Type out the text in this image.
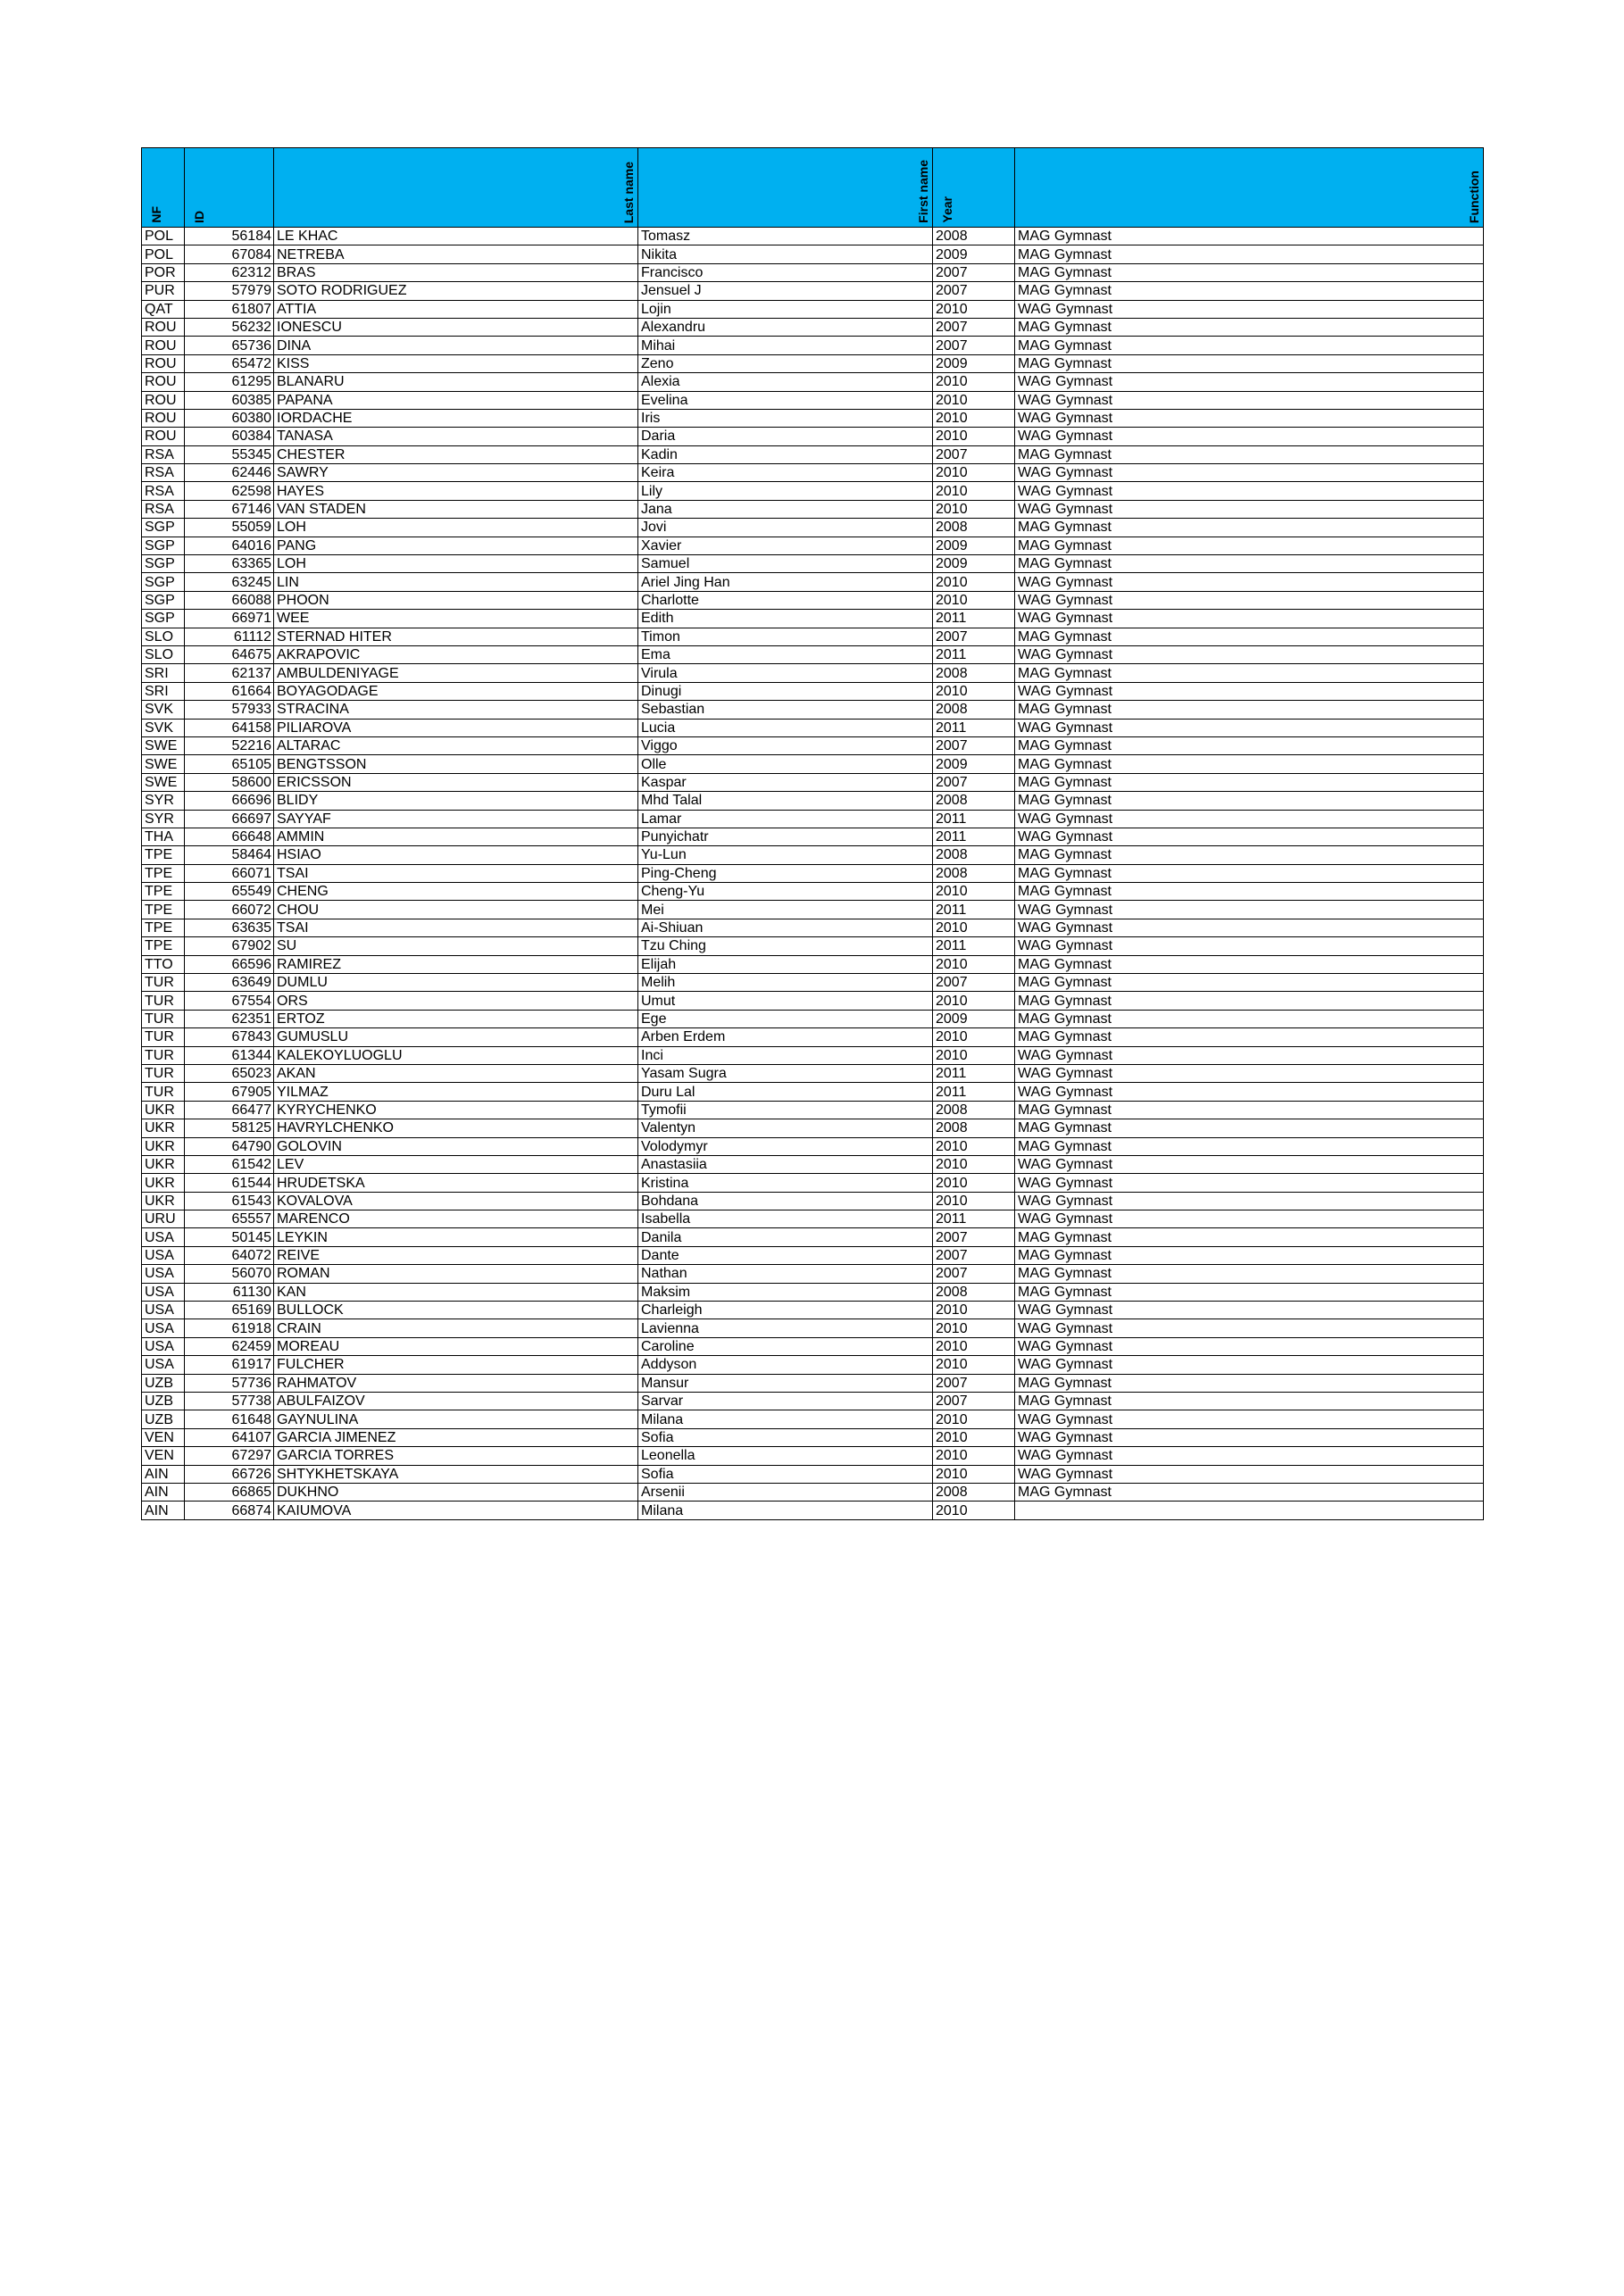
NF	ID	Last name	First name	Year	Function

POL	56184	LE KHAC	Tomasz	2008	MAG Gymnast
POL	67084	NETREBA	Nikita	2009	MAG Gymnast
POR	62312	BRAS	Francisco	2007	MAG Gymnast
PUR	57979	SOTO RODRIGUEZ	Jensuel J	2007	MAG Gymnast
QAT	61807	ATTIA	Lojin	2010	WAG Gymnast
ROU	56232	IONESCU	Alexandru	2007	MAG Gymnast
ROU	65736	DINA	Mihai	2007	MAG Gymnast
ROU	65472	KISS	Zeno	2009	MAG Gymnast
ROU	61295	BLANARU	Alexia	2010	WAG Gymnast
ROU	60385	PAPANA	Evelina	2010	WAG Gymnast
ROU	60380	IORDACHE	Iris	2010	WAG Gymnast
ROU	60384	TANASA	Daria	2010	WAG Gymnast
RSA	55345	CHESTER	Kadin	2007	MAG Gymnast
RSA	62446	SAWRY	Keira	2010	WAG Gymnast
RSA	62598	HAYES	Lily	2010	WAG Gymnast
RSA	67146	VAN STADEN	Jana	2010	WAG Gymnast
SGP	55059	LOH	Jovi	2008	MAG Gymnast
SGP	64016	PANG	Xavier	2009	MAG Gymnast
SGP	63365	LOH	Samuel	2009	MAG Gymnast
SGP	63245	LIN	Ariel Jing Han	2010	WAG Gymnast
SGP	66088	PHOON	Charlotte	2010	WAG Gymnast
SGP	66971	WEE	Edith	2011	WAG Gymnast
SLO	61112	STERNAD HITER	Timon	2007	MAG Gymnast
SLO	64675	AKRAPOVIC	Ema	2011	WAG Gymnast
SRI	62137	AMBULDENIYAGE	Virula	2008	MAG Gymnast
SRI	61664	BOYAGODAGE	Dinugi	2010	WAG Gymnast
SVK	57933	STRACINA	Sebastian	2008	MAG Gymnast
SVK	64158	PILIAROVA	Lucia	2011	WAG Gymnast
SWE	52216	ALTARAC	Viggo	2007	MAG Gymnast
SWE	65105	BENGTSSON	Olle	2009	MAG Gymnast
SWE	58600	ERICSSON	Kaspar	2007	MAG Gymnast
SYR	66696	BLIDY	Mhd Talal	2008	MAG Gymnast
SYR	66697	SAYYAF	Lamar	2011	WAG Gymnast
THA	66648	AMMIN	Punyichatr	2011	WAG Gymnast
TPE	58464	HSIAO	Yu-Lun	2008	MAG Gymnast
TPE	66071	TSAI	Ping-Cheng	2008	MAG Gymnast
TPE	65549	CHENG	Cheng-Yu	2010	MAG Gymnast
TPE	66072	CHOU	Mei	2011	WAG Gymnast
TPE	63635	TSAI	Ai-Shiuan	2010	WAG Gymnast
TPE	67902	SU	Tzu Ching	2011	WAG Gymnast
TTO	66596	RAMIREZ	Elijah	2010	MAG Gymnast
TUR	63649	DUMLU	Melih	2007	MAG Gymnast
TUR	67554	ORS	Umut	2010	MAG Gymnast
TUR	62351	ERTOZ	Ege	2009	MAG Gymnast
TUR	67843	GUMUSLU	Arben Erdem	2010	MAG Gymnast
TUR	61344	KALEKOYLUOGLU	Inci	2010	WAG Gymnast
TUR	65023	AKAN	Yasam Sugra	2011	WAG Gymnast
TUR	67905	YILMAZ	Duru Lal	2011	WAG Gymnast
UKR	66477	KYRYCHENKO	Tymofii	2008	MAG Gymnast
UKR	58125	HAVRYLCHENKO	Valentyn	2008	MAG Gymnast
UKR	64790	GOLOVIN	Volodymyr	2010	MAG Gymnast
UKR	61542	LEV	Anastasiia	2010	WAG Gymnast
UKR	61544	HRUDETSKA	Kristina	2010	WAG Gymnast
UKR	61543	KOVALOVA	Bohdana	2010	WAG Gymnast
URU	65557	MARENCO	Isabella	2011	WAG Gymnast
USA	50145	LEYKIN	Danila	2007	MAG Gymnast
USA	64072	REIVE	Dante	2007	MAG Gymnast
USA	56070	ROMAN	Nathan	2007	MAG Gymnast
USA	61130	KAN	Maksim	2008	MAG Gymnast
USA	65169	BULLOCK	Charleigh	2010	WAG Gymnast
USA	61918	CRAIN	Lavienna	2010	WAG Gymnast
USA	62459	MOREAU	Caroline	2010	WAG Gymnast
USA	61917	FULCHER	Addyson	2010	WAG Gymnast
UZB	57736	RAHMATOV	Mansur	2007	MAG Gymnast
UZB	57738	ABULFAIZOV	Sarvar	2007	MAG Gymnast
UZB	61648	GAYNULINA	Milana	2010	WAG Gymnast
VEN	64107	GARCIA JIMENEZ	Sofia	2010	WAG Gymnast
VEN	67297	GARCIA TORRES	Leonella	2010	WAG Gymnast
AIN	66726	SHTYKHETSKAYA	Sofia	2010	WAG Gymnast
AIN	66865	DUKHNO	Arsenii	2008	MAG Gymnast
AIN	66874	KAIUMOVA	Milana	2010	
